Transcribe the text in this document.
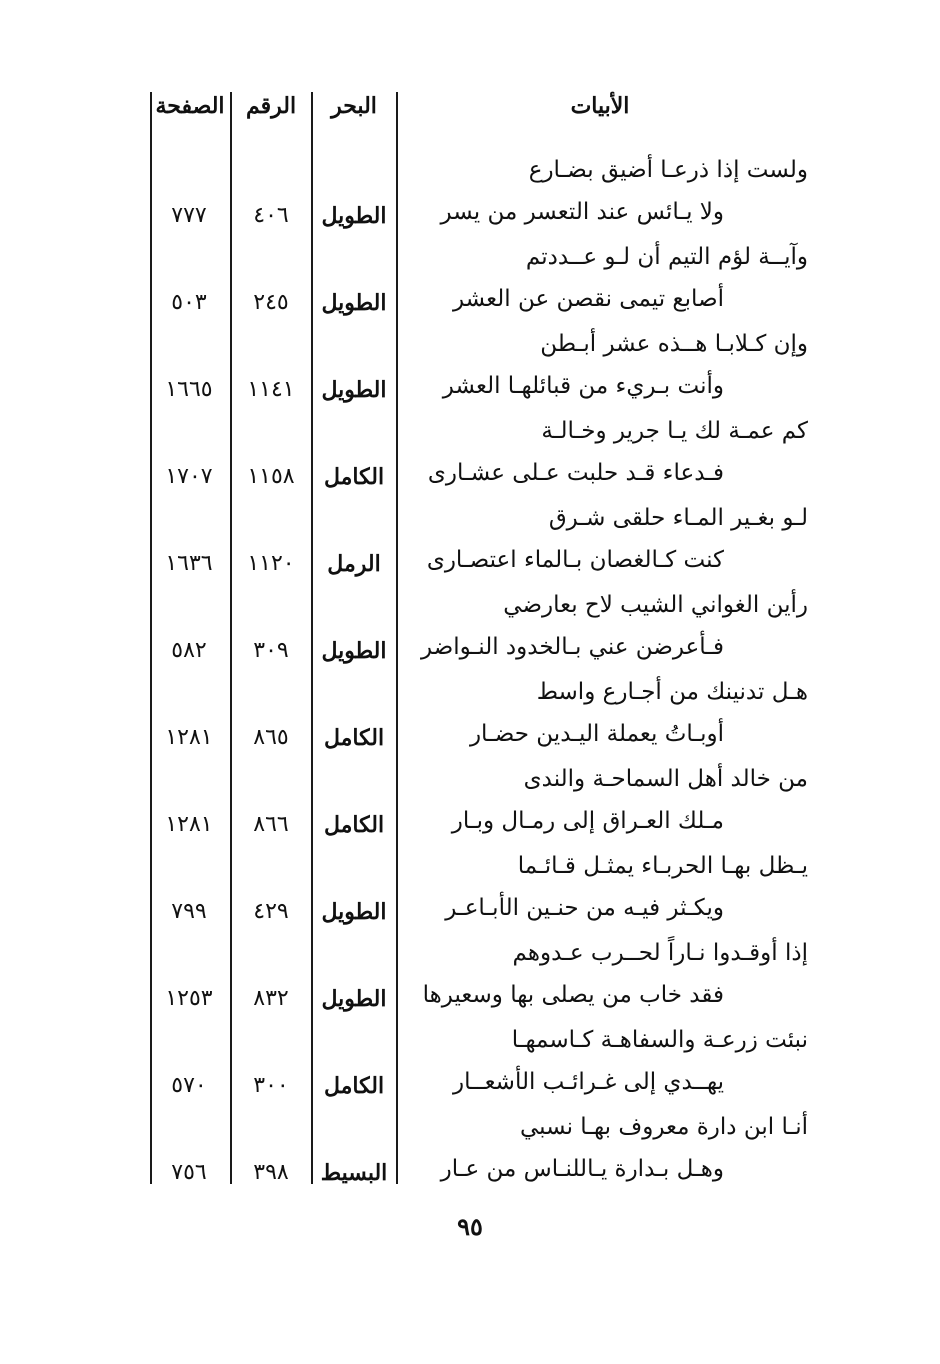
الأبيات
البحر
الرقم
الصفحة
ولست إذا ذرعـا أضيق بضـارع
ولا يـائس عند التعسر من يسر
الطويل
٤٠٦
٧٧٧
وآيــة لؤم التيم أن لـو عــددتم
أصابع تيمى نقصن عن العشر
الطويل
٢٤٥
٥٠٣
وإن كـلابـا هــذه عشر أبـطن
وأنت بـريء من قبائلهـا العشر
الطويل
١١٤١
١٦٦٥
كم عمـة لك يـا جرير وخـالـة
فـدعاء قـد حلبت عـلى عشـارى
الكامل
١١٥٨
١٧٠٧
لـو بغـير المـاء حلقى شـرق
كنت كـالغصان بـالماء اعتصـارى
الرمل
١١٢٠
١٦٣٦
رأين الغواني الشيب لاح بعارضي
فـأعرضن عني بـالخدود النـواضر
الطويل
٣٠٩
٥٨٢
هـل تدنينك من أجـارع واسط
أوبـاتُ يعملة اليـدين حضـار
الكامل
٨٦٥
١٢٨١
من خالد أهل السماحـة والندى
مـلك العـراق إلى رمـال وبـار
الكامل
٨٦٦
١٢٨١
يـظل بهـا الحربـاء يمثـل قـائـما
ويكـثر فيـه من حنـين الأبـاعـر
الطويل
٤٢٩
٧٩٩
إذا أوقـدوا نـاراً لحــرب عـدوهم
فقد خاب من يصلى بها وسعيرها
الطويل
٨٣٢
١٢٥٣
نبئت زرعـة والسفاهـة كـاسمهـا
يهــدي إلى غـرائـب الأشعــار
الكامل
٣٠٠
٥٧٠
أنـا ابن دارة معروف بهـا نسبي
وهـل بـدارة يـاللنـاس من عـار
البسيط
٣٩٨
٧٥٦
٩٥
